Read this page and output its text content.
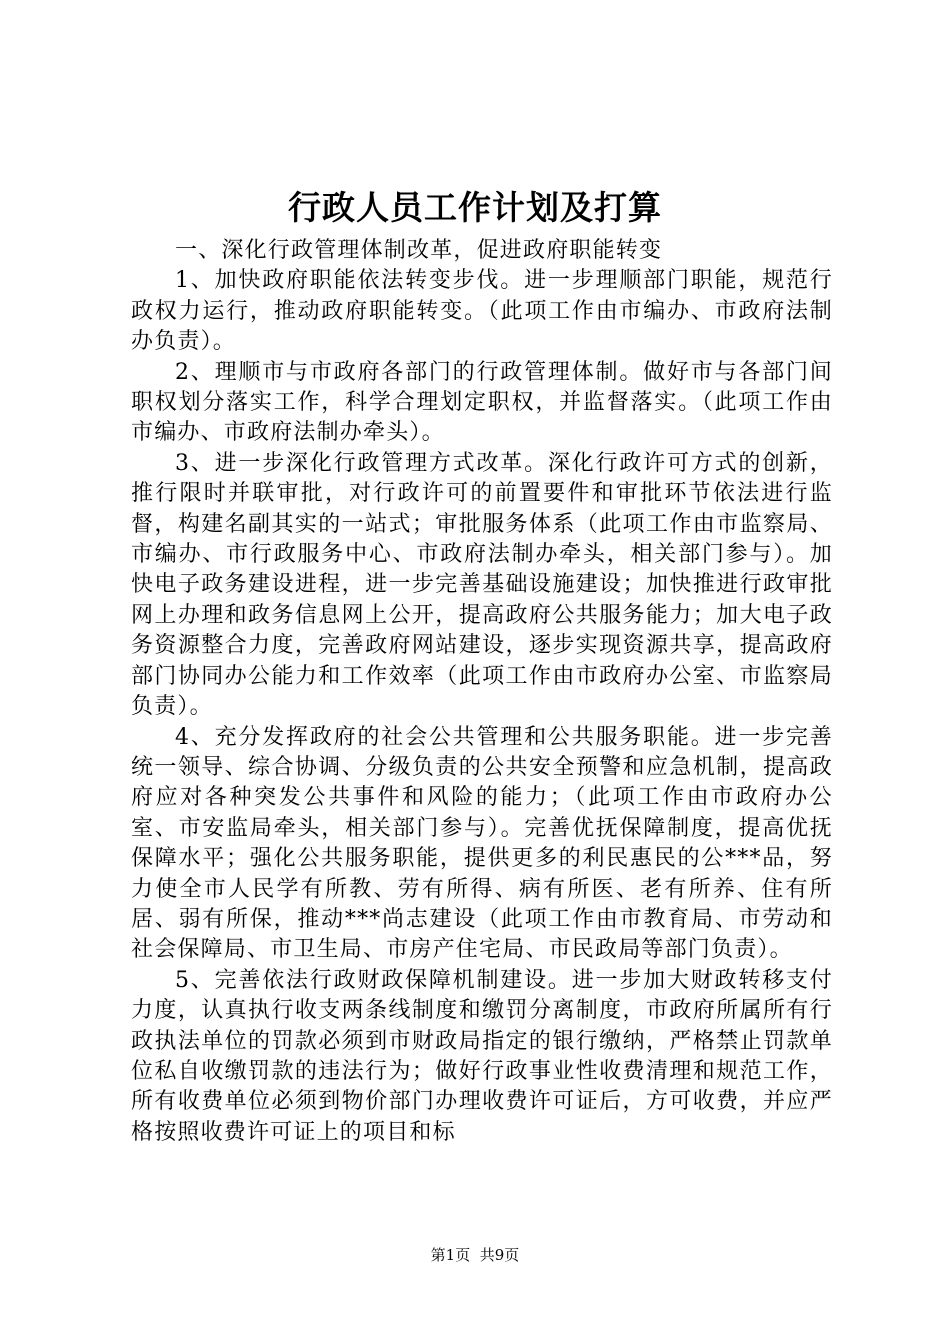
行政人员工作计划及打算

一、深化行政管理体制改革，促进政府职能转变

1、加快政府职能依法转变步伐。进一步理顺部门职能，规范行政权力运行，推动政府职能转变。（此项工作由市编办、市政府法制办负责）。

2、理顺市与市政府各部门的行政管理体制。做好市与各部门间职权划分落实工作，科学合理划定职权，并监督落实。（此项工作由市编办、市政府法制办牵头）。

3、进一步深化行政管理方式改革。深化行政许可方式的创新，推行限时并联审批，对行政许可的前置要件和审批环节依法进行监督，构建名副其实的一站式；审批服务体系（此项工作由市监察局、市编办、市行政服务中心、市政府法制办牵头，相关部门参与）。加快电子政务建设进程，进一步完善基础设施建设；加快推进行政审批网上办理和政务信息网上公开，提高政府公共服务能力；加大电子政务资源整合力度，完善政府网站建设，逐步实现资源共享，提高政府部门协同办公能力和工作效率（此项工作由市政府办公室、市监察局负责）。

4、充分发挥政府的社会公共管理和公共服务职能。进一步完善统一领导、综合协调、分级负责的公共安全预警和应急机制，提高政府应对各种突发公共事件和风险的能力；（此项工作由市政府办公室、市安监局牵头，相关部门参与）。完善优抚保障制度，提高优抚保障水平；强化公共服务职能，提供更多的利民惠民的公***品，努力使全市人民学有所教、劳有所得、病有所医、老有所养、住有所居、弱有所保，推动***尚志建设（此项工作由市教育局、市劳动和社会保障局、市卫生局、市房产住宅局、市民政局等部门负责）。

5、完善依法行政财政保障机制建设。进一步加大财政转移支付力度，认真执行收支两条线制度和缴罚分离制度，市政府所属所有行政执法单位的罚款必须到市财政局指定的银行缴纳，严格禁止罚款单位私自收缴罚款的违法行为；做好行政事业性收费清理和规范工作，所有收费单位必须到物价部门办理收费许可证后，方可收费，并应严格按照收费许可证上的项目和标

第1页 共9页
